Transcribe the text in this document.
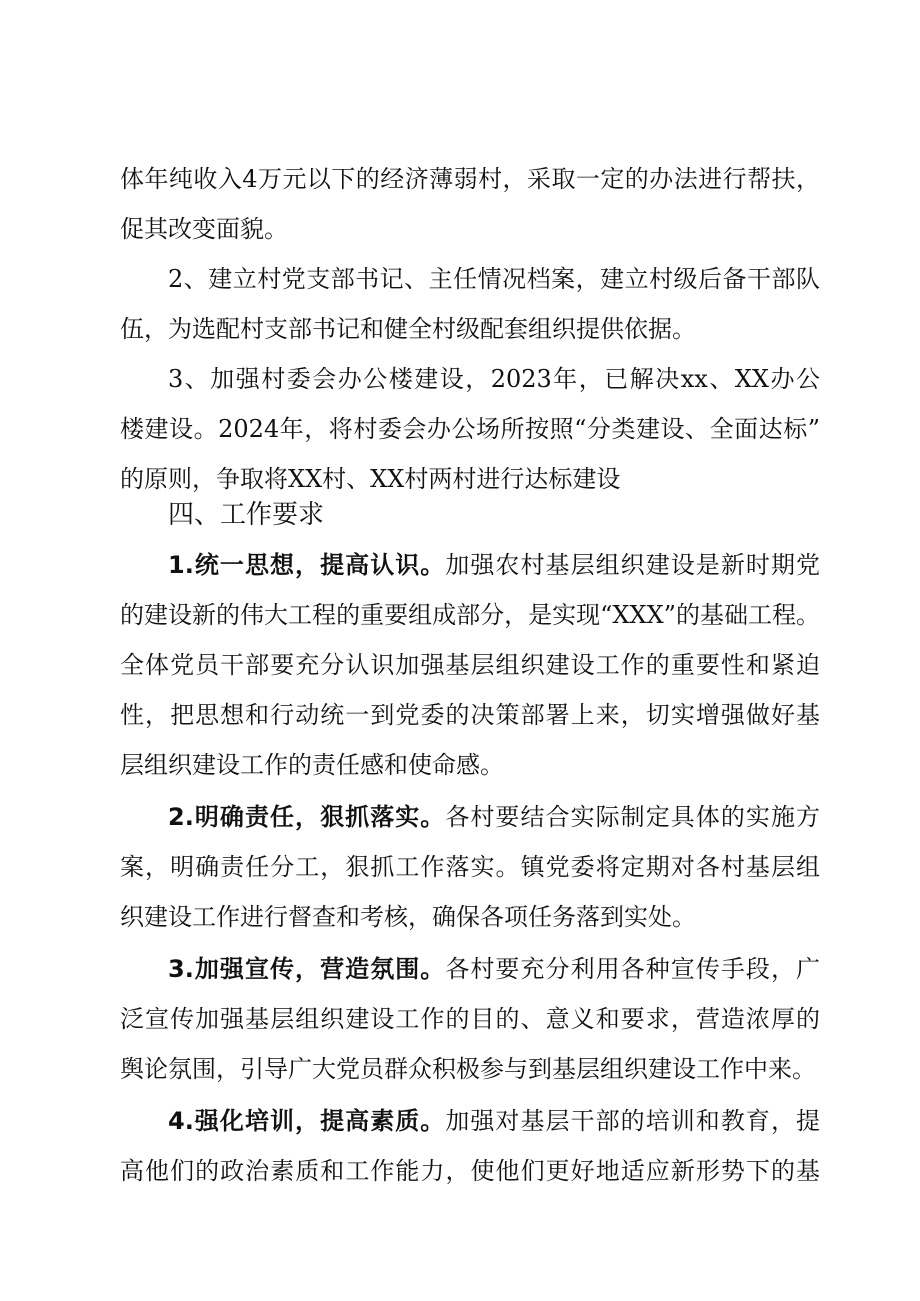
体年纯收入4万元以下的经济薄弱村，采取一定的办法进行帮扶，
促其改变面貌。
2、建立村党支部书记、主任情况档案，建立村级后备干部队
伍，为选配村支部书记和健全村级配套组织提供依据。
3、加强村委会办公楼建设，2023年，已解决xx、XX办公
楼建设。2024年，将村委会办公场所按照“分类建设、全面达标”
的原则，争取将XX村、XX村两村进行达标建设
四、工作要求
1.统一思想，提高认识。加强农村基层组织建设是新时期党
的建设新的伟大工程的重要组成部分，是实现“XXX”的基础工程。
全体党员干部要充分认识加强基层组织建设工作的重要性和紧迫
性，把思想和行动统一到党委的决策部署上来，切实增强做好基
层组织建设工作的责任感和使命感。
2.明确责任，狠抓落实。各村要结合实际制定具体的实施方
案，明确责任分工，狠抓工作落实。镇党委将定期对各村基层组
织建设工作进行督查和考核，确保各项任务落到实处。
3.加强宣传，营造氛围。各村要充分利用各种宣传手段，广
泛宣传加强基层组织建设工作的目的、意义和要求，营造浓厚的
舆论氛围，引导广大党员群众积极参与到基层组织建设工作中来。
4.强化培训，提高素质。加强对基层干部的培训和教育，提
高他们的政治素质和工作能力，使他们更好地适应新形势下的基
